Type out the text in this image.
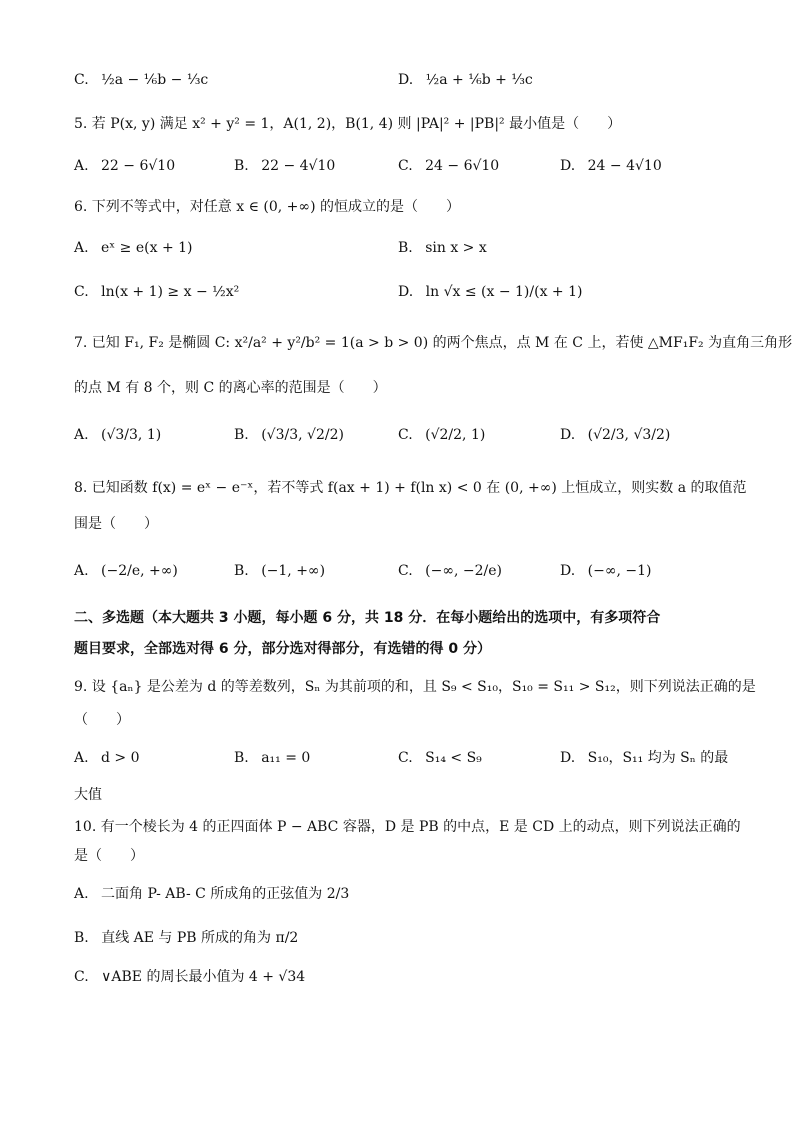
C. ½a − ⅙b − ⅓c	D. ½a + ⅙b + ⅓c
5. 若 P(x, y) 满足 x² + y² = 1，A(1, 2)，B(1, 4) 则 |PA|² + |PB|² 最小值是（　　）
A. 22 − 6√10	B. 22 − 4√10	C. 24 − 6√10	D. 24 − 4√10
6. 下列不等式中，对任意 x ∈ (0, +∞) 的恒成立的是（　　）
A. eˣ ≥ e(x + 1)	B. sin x > x
C. ln(x + 1) ≥ x − ½x²	D. ln √x ≤ (x − 1)/(x + 1)
7. 已知 F₁, F₂ 是椭圆 C: x²/a² + y²/b² = 1(a > b > 0) 的两个焦点，点 M 在 C 上，若使 △MF₁F₂ 为直角三角形
的点 M 有 8 个，则 C 的离心率的范围是（　　）
A. (√3/3, 1)	B. (√3/3, √2/2)	C. (√2/2, 1)	D. (√2/3, √3/2)
8. 已知函数 f(x) = eˣ − e⁻ˣ，若不等式 f(ax + 1) + f(ln x) < 0 在 (0, +∞) 上恒成立，则实数 a 的取值范
围是（　　）
A. (−2/e, +∞)	B. (−1, +∞)	C. (−∞, −2/e)	D. (−∞, −1)
二、多选题（本大题共 3 小题，每小题 6 分，共 18 分．在每小题给出的选项中，有多项符合
题目要求，全部选对得 6 分，部分选对得部分，有选错的得 0 分）
9. 设 {aₙ} 是公差为 d 的等差数列，Sₙ 为其前项的和，且 S₉ < S₁₀，S₁₀ = S₁₁ > S₁₂，则下列说法正确的是
（　　）
A. d > 0	B. a₁₁ = 0	C. S₁₄ < S₉	D. S₁₀，S₁₁ 均为 Sₙ 的最
大值
10. 有一个棱长为 4 的正四面体 P − ABC 容器，D 是 PB 的中点，E 是 CD 上的动点，则下列说法正确的
是（　　）
A. 二面角 P- AB- C 所成角的正弦值为 2/3
B. 直线 AE 与 PB 所成的角为 π/2
C. ∨ABE 的周长最小值为 4 + √34
